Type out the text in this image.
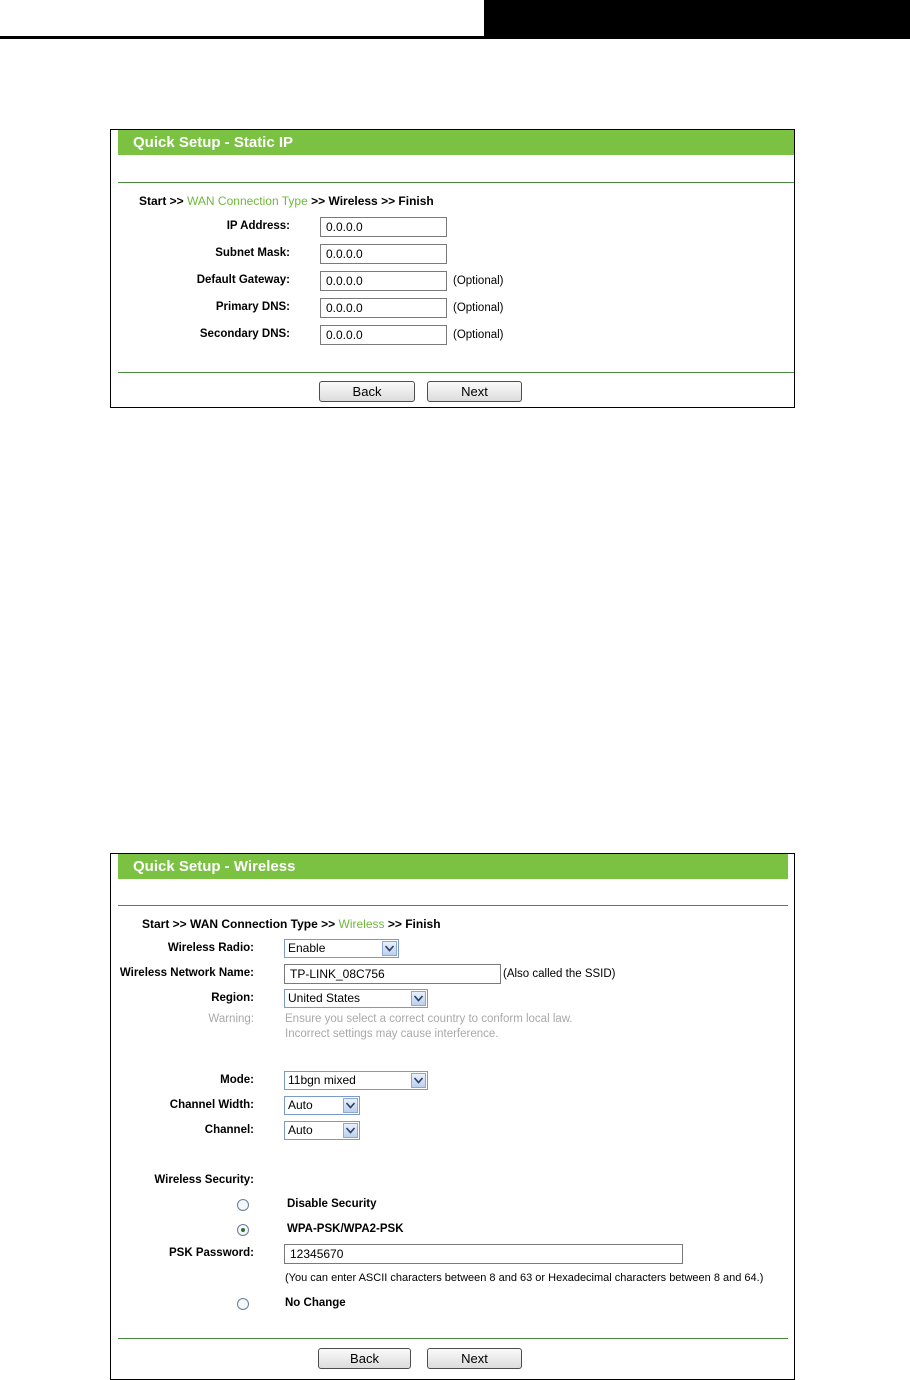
Quick Setup - Static IP
Start >> WAN Connection Type >> Wireless >> Finish
IP Address:	0.0.0.0
Subnet Mask:	0.0.0.0
Default Gateway:	0.0.0.0	(Optional)
Primary DNS:	0.0.0.0	(Optional)
Secondary DNS:	0.0.0.0	(Optional)
Back	Next
Quick Setup - Wireless
Start >> WAN Connection Type >> Wireless >> Finish
Wireless Radio:	Enable
Wireless Network Name:	TP-LINK_08C756	(Also called the SSID)
Region:	United States
Warning:	Ensure you select a correct country to conform local law.
Incorrect settings may cause interference.
Mode:	11bgn mixed
Channel Width:	Auto
Channel:	Auto
Wireless Security:
Disable Security
WPA-PSK/WPA2-PSK
PSK Password:	12345670
(You can enter ASCII characters between 8 and 63 or Hexadecimal characters between 8 and 64.)
No Change
Back	Next
